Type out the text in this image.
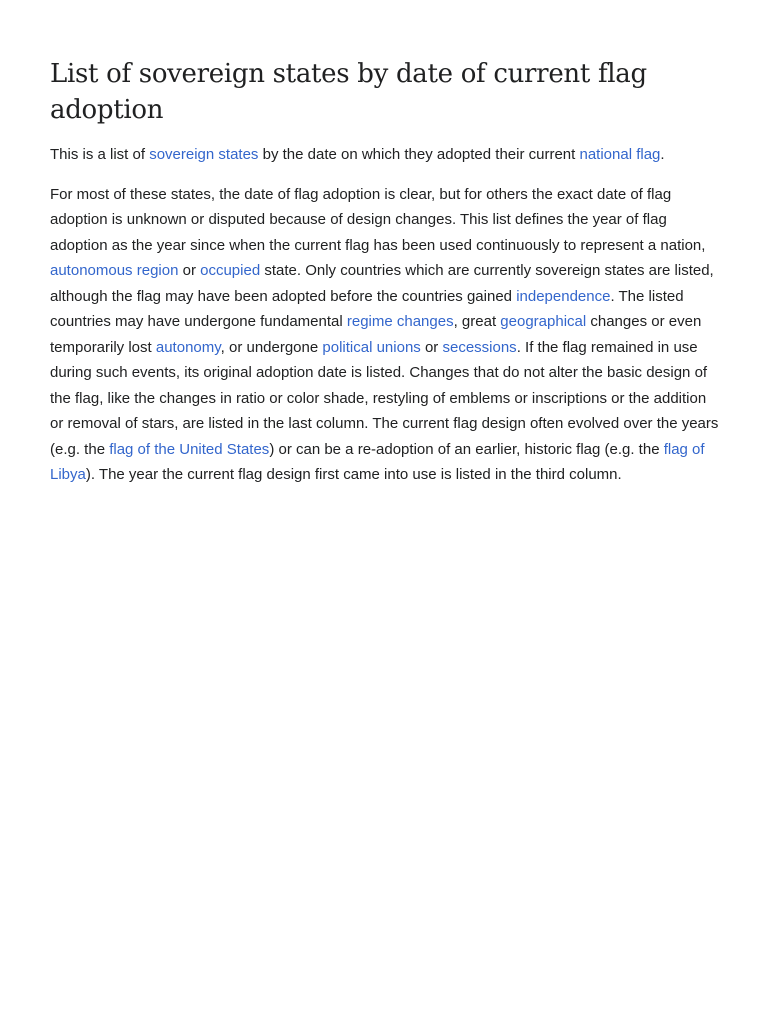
List of sovereign states by date of current flag adoption

This is a list of sovereign states by the date on which they adopted their current national flag.

For most of these states, the date of flag adoption is clear, but for others the exact date of flag adoption is unknown or disputed because of design changes. This list defines the year of flag adoption as the year since when the current flag has been used continuously to represent a nation, autonomous region or occupied state. Only countries which are currently sovereign states are listed, although the flag may have been adopted before the countries gained independence. The listed countries may have undergone fundamental regime changes, great geographical changes or even temporarily lost autonomy, or undergone political unions or secessions. If the flag remained in use during such events, its original adoption date is listed. Changes that do not alter the basic design of the flag, like the changes in ratio or color shade, restyling of emblems or inscriptions or the addition or removal of stars, are listed in the last column. The current flag design often evolved over the years (e.g. the flag of the United States) or can be a re-adoption of an earlier, historic flag (e.g. the flag of Libya). The year the current flag design first came into use is listed in the third column.
